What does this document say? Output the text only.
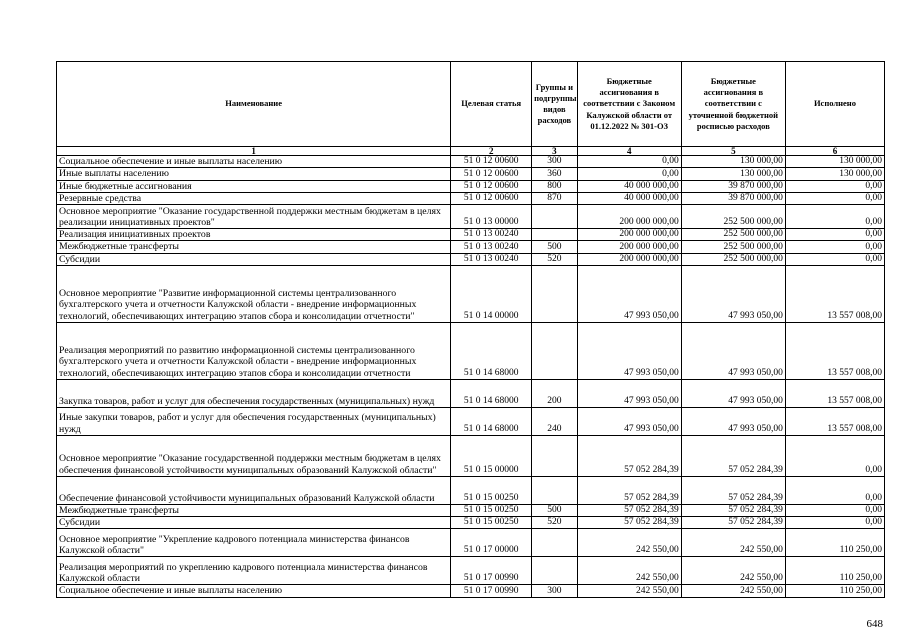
Наименование	Целевая статья	Группы и подгруппы видов расходов	Бюджетные ассигнования в соответствии с Законом Калужской области от 01.12.2022 № 301-ОЗ	Бюджетные ассигнования в соответствии с уточненной бюджетной росписью расходов	Исполнено
1	2	3	4	5	6
Социальное обеспечение и иные выплаты населению	51 0 12 00600	300	0,00	130 000,00	130 000,00
Иные выплаты населению	51 0 12 00600	360	0,00	130 000,00	130 000,00
Иные бюджетные ассигнования	51 0 12 00600	800	40 000 000,00	39 870 000,00	0,00
Резервные средства	51 0 12 00600	870	40 000 000,00	39 870 000,00	0,00
Основное мероприятие "Оказание государственной поддержки местным бюджетам в целях реализации инициативных проектов"	51 0 13 00000		200 000 000,00	252 500 000,00	0,00
Реализация инициативных проектов	51 0 13 00240		200 000 000,00	252 500 000,00	0,00
Межбюджетные трансферты	51 0 13 00240	500	200 000 000,00	252 500 000,00	0,00
Субсидии	51 0 13 00240	520	200 000 000,00	252 500 000,00	0,00
Основное мероприятие "Развитие информационной системы централизованного бухгалтерского учета и отчетности Калужской области - внедрение информационных технологий, обеспечивающих интеграцию этапов сбора и консолидации отчетности"	51 0 14 00000		47 993 050,00	47 993 050,00	13 557 008,00
Реализация мероприятий по развитию информационной системы централизованного бухгалтерского учета и отчетности Калужской области - внедрение информационных технологий, обеспечивающих интеграцию этапов сбора и консолидации отчетности	51 0 14 68000		47 993 050,00	47 993 050,00	13 557 008,00
Закупка товаров, работ и услуг для обеспечения государственных (муниципальных) нужд	51 0 14 68000	200	47 993 050,00	47 993 050,00	13 557 008,00
Иные закупки товаров, работ и услуг для обеспечения государственных (муниципальных) нужд	51 0 14 68000	240	47 993 050,00	47 993 050,00	13 557 008,00
Основное мероприятие "Оказание государственной поддержки местным бюджетам в целях обеспечения финансовой устойчивости муниципальных образований Калужской области"	51 0 15 00000		57 052 284,39	57 052 284,39	0,00
Обеспечение финансовой устойчивости муниципальных образований Калужской области	51 0 15 00250		57 052 284,39	57 052 284,39	0,00
Межбюджетные трансферты	51 0 15 00250	500	57 052 284,39	57 052 284,39	0,00
Субсидии	51 0 15 00250	520	57 052 284,39	57 052 284,39	0,00
Основное мероприятие "Укрепление кадрового потенциала министерства финансов Калужской области"	51 0 17 00000		242 550,00	242 550,00	110 250,00
Реализация мероприятий по укреплению кадрового потенциала министерства финансов Калужской области	51 0 17 00990		242 550,00	242 550,00	110 250,00
Социальное обеспечение и иные выплаты населению	51 0 17 00990	300	242 550,00	242 550,00	110 250,00
648
